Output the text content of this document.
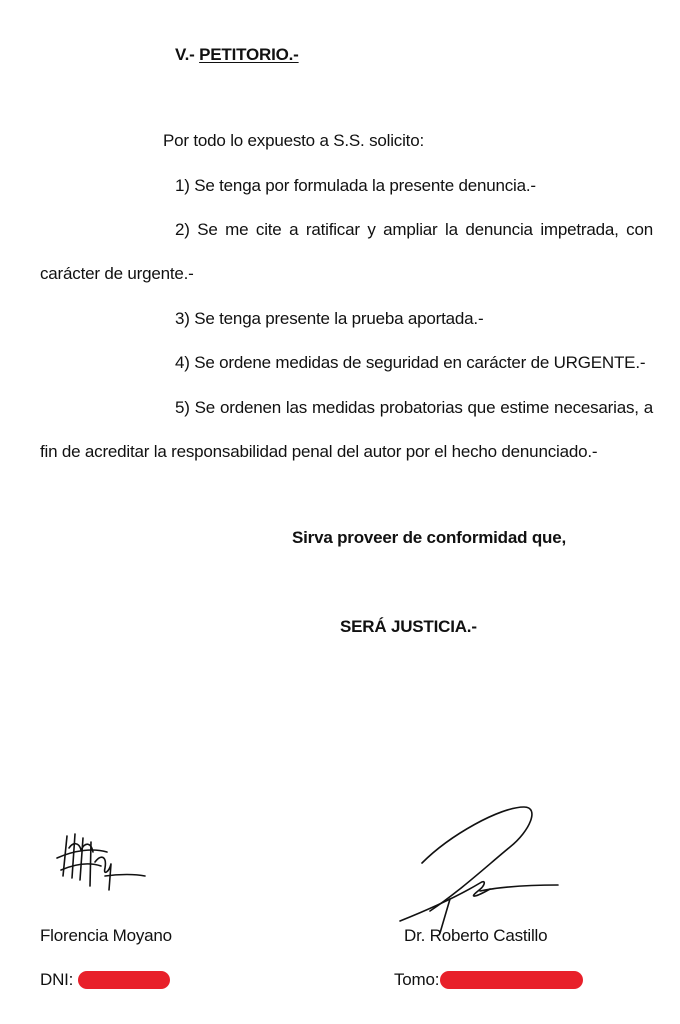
V.- PETITORIO.-
Por todo lo expuesto a S.S. solicito:
1) Se tenga por formulada la presente denuncia.-
2) Se me cite a ratificar y ampliar la denuncia impetrada, con
carácter de urgente.-
3) Se tenga presente la prueba aportada.-
4) Se ordene medidas de seguridad en carácter de URGENTE.-
5) Se ordenen las medidas probatorias que estime necesarias, a
fin de acreditar la responsabilidad penal del autor por el hecho denunciado.-
Sirva proveer de conformidad que,
SERÁ JUSTICIA.-
Florencia Moyano
DNI:
Dr. Roberto Castillo
Tomo:
